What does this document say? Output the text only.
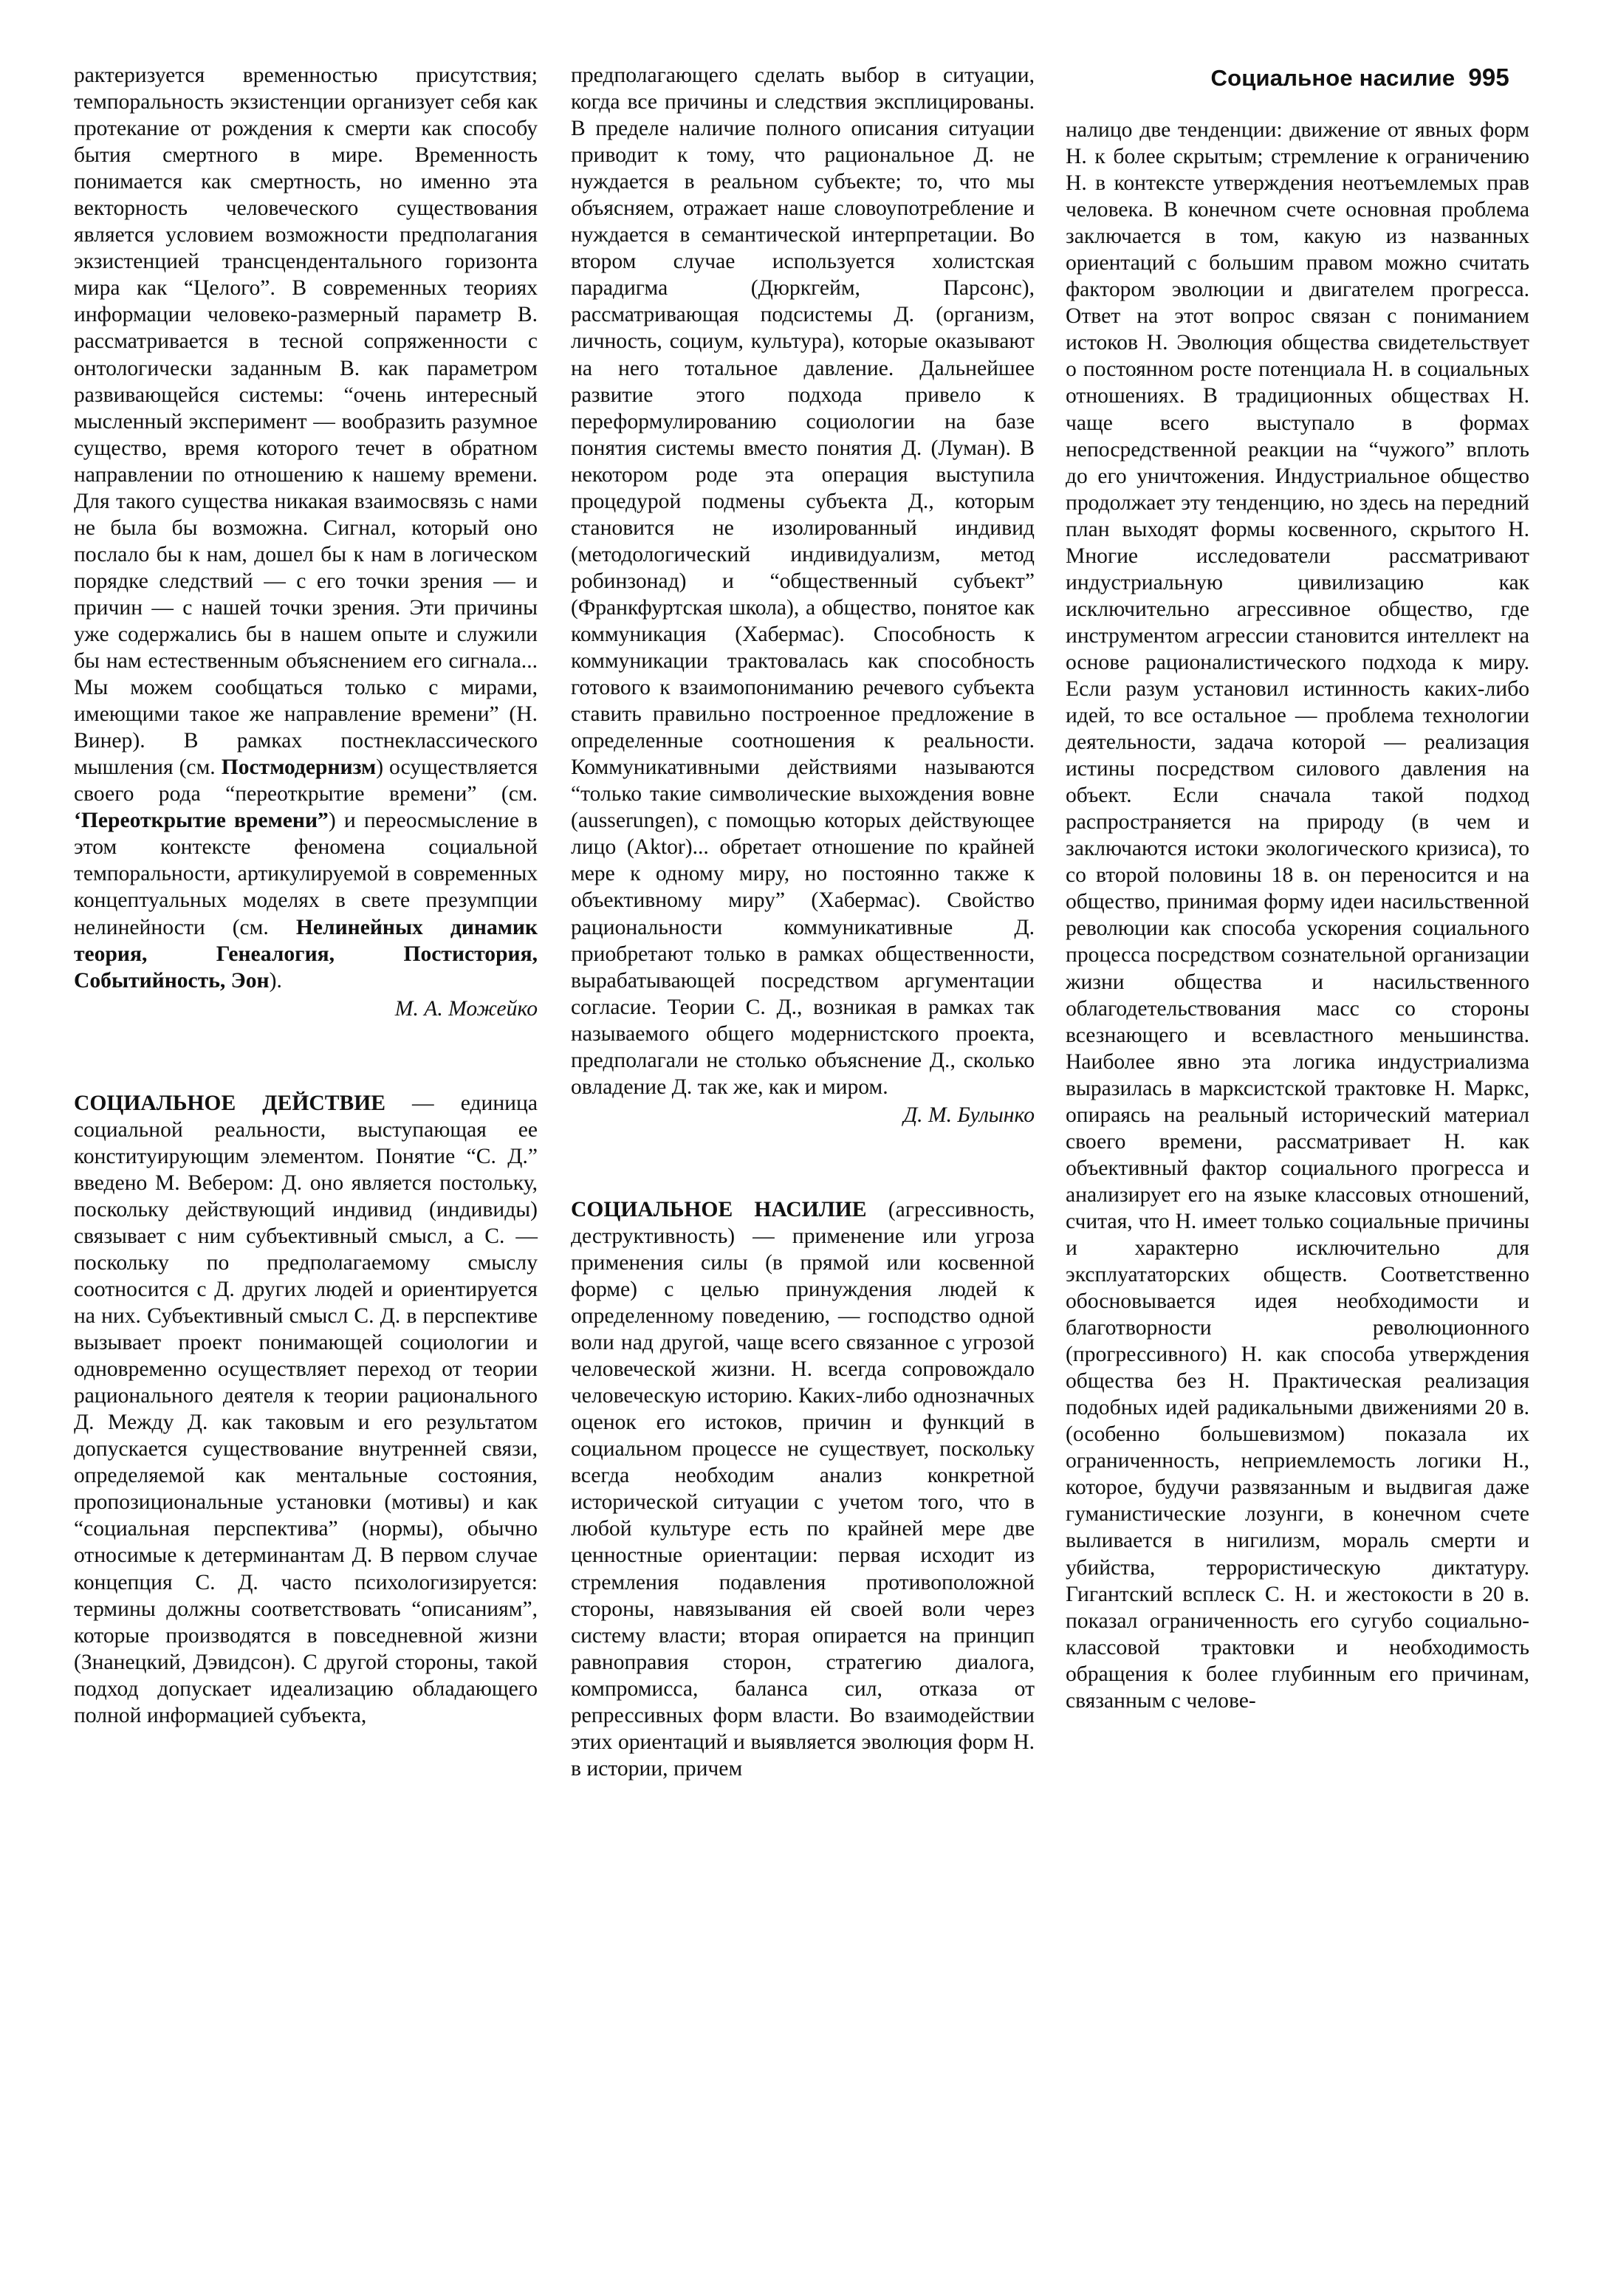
Социальное насилие 995

рактеризуется временностью присутствия; темпоральность экзистенции организует себя как протекание от рождения к смерти как способу бытия смертного в мире. Временность понимается как смертность, но именно эта векторность человеческого существования является условием возможности предполагания экзистенцией трансцендентального горизонта мира как “Целого”. В современных теориях информации человеко-размерный параметр В. рассматривается в тесной сопряженности с онтологически заданным В. как параметром развивающейся системы: “очень интересный мысленный эксперимент — вообразить разумное существо, время которого течет в обратном направлении по отношению к нашему времени. Для такого существа никакая взаимосвязь с нами не была бы возможна. Сигнал, который оно послало бы к нам, дошел бы к нам в логическом порядке следствий — с его точки зрения — и причин — с нашей точки зрения. Эти причины уже содержались бы в нашем опыте и служили бы нам естественным объяснением его сигнала... Мы можем сообщаться только с мирами, имеющими такое же направление времени” (Н. Винер). В рамках постнеклассического мышления (см. Постмодернизм) осуществляется своего рода “переоткрытие времени” (см. ‘Переоткрытие времени”) и переосмысление в этом контексте феномена социальной темпоральности, артикулируемой в современных концептуальных моделях в свете презумпции нелинейности (см. Нелинейных динамик теория, Генеалогия, Постистория, Событийность, Эон).

М. А. Можейко

СОЦИАЛЬНОЕ ДЕЙСТВИЕ — единица социальной реальности, выступающая ее конституирующим элементом. Понятие “С. Д.” введено М. Вебером: Д. оно является постольку, поскольку действующий индивид (индивиды) связывает с ним субъективный смысл, а С. — поскольку по предполагаемому смыслу соотносится с Д. других людей и ориентируется на них. Субъективный смысл С. Д. в перспективе вызывает проект понимающей социологии и одновременно осуществляет переход от теории рационального деятеля к теории рационального Д. Между Д. как таковым и его результатом допускается существование внутренней связи, определяемой как ментальные состояния, пропозициональные установки (мотивы) и как “социальная перспектива” (нормы), обычно относимые к детерминантам Д. В первом случае концепция С. Д. часто психологизируется: термины должны соответствовать “описаниям”, которые производятся в повседневной жизни (Знанецкий, Дэвидсон). С другой стороны, такой подход допускает идеализацию обладающего полной информацией субъекта,

предполагающего сделать выбор в ситуации, когда все причины и следствия эксплицированы. В пределе наличие полного описания ситуации приводит к тому, что рациональное Д. не нуждается в реальном субъекте; то, что мы объясняем, отражает наше словоупотребление и нуждается в семантической интерпретации. Во втором случае используется холистская парадигма (Дюркгейм, Парсонс), рассматривающая подсистемы Д. (организм, личность, социум, культура), которые оказывают на него тотальное давление. Дальнейшее развитие этого подхода привело к переформулированию социологии на базе понятия системы вместо понятия Д. (Луман). В некотором роде эта операция выступила процедурой подмены субъекта Д., которым становится не изолированный индивид (методологический индивидуализм, метод робинзонад) и “общественный субъект” (Франкфуртская школа), а общество, понятое как коммуникация (Хабермас). Способность к коммуникации трактовалась как способность готового к взаимопониманию речевого субъекта ставить правильно построенное предложение в определенные соотношения к реальности. Коммуникативными действиями называются “только такие символические выхождения вовне (ausserungen), с помощью которых действующее лицо (Aktor)... обретает отношение по крайней мере к одному миру, но постоянно также к объективному миру” (Хабермас). Свойство рациональности коммуникативные Д. приобретают только в рамках общественности, вырабатывающей посредством аргументации согласие. Теории С. Д., возникая в рамках так называемого общего модернистского проекта, предполагали не столько объяснение Д., сколько овладение Д. так же, как и миром.

Д. М. Булынко

СОЦИАЛЬНОЕ НАСИЛИЕ (агрессивность, деструктивность) — применение или угроза применения силы (в прямой или косвенной форме) с целью принуждения людей к определенному поведению, — господство одной воли над другой, чаще всего связанное с угрозой человеческой жизни. Н. всегда сопровождало человеческую историю. Каких-либо однозначных оценок его истоков, причин и функций в социальном процессе не существует, поскольку всегда необходим анализ конкретной исторической ситуации с учетом того, что в любой культуре есть по крайней мере две ценностные ориентации: первая исходит из стремления подавления противоположной стороны, навязывания ей своей воли через систему власти; вторая опирается на принцип равноправия сторон, стратегию диалога, компромисса, баланса сил, отказа от репрессивных форм власти. Во взаимодействии этих ориентаций и выявляется эволюция форм Н. в истории, причем

налицо две тенденции: движение от явных форм Н. к более скрытым; стремление к ограничению Н. в контексте утверждения неотъемлемых прав человека. В конечном счете основная проблема заключается в том, какую из названных ориентаций с большим правом можно считать фактором эволюции и двигателем прогресса. Ответ на этот вопрос связан с пониманием истоков Н. Эволюция общества свидетельствует о постоянном росте потенциала Н. в социальных отношениях. В традиционных обществах Н. чаще всего выступало в формах непосредственной реакции на “чужого” вплоть до его уничтожения. Индустриальное общество продолжает эту тенденцию, но здесь на передний план выходят формы косвенного, скрытого Н. Многие исследователи рассматривают индустриальную цивилизацию как исключительно агрессивное общество, где инструментом агрессии становится интеллект на основе рационалистического подхода к миру. Если разум установил истинность каких-либо идей, то все остальное — проблема технологии деятельности, задача которой — реализация истины посредством силового давления на объект. Если сначала такой подход распространяется на природу (в чем и заключаются истоки экологического кризиса), то со второй половины 18 в. он переносится и на общество, принимая форму идеи насильственной революции как способа ускорения социального процесса посредством сознательной организации жизни общества и насильственного облагодетельствования масс со стороны всезнающего и всевластного меньшинства. Наиболее явно эта логика индустриализма выразилась в марксистской трактовке Н. Маркс, опираясь на реальный исторический материал своего времени, рассматривает Н. как объективный фактор социального прогресса и анализирует его на языке классовых отношений, считая, что Н. имеет только социальные причины и характерно исключительно для эксплуататорских обществ. Соответственно обосновывается идея необходимости и благотворности революционного (прогрессивного) Н. как способа утверждения общества без Н. Практическая реализация подобных идей радикальными движениями 20 в. (особенно большевизмом) показала их ограниченность, неприемлемость логики Н., которое, будучи развязанным и выдвигая даже гуманистические лозунги, в конечном счете выливается в нигилизм, мораль смерти и убийства, террористическую диктатуру. Гигантский всплеск С. Н. и жестокости в 20 в. показал ограниченность его сугубо социально-классовой трактовки и необходимость обращения к более глубинным его причинам, связанным с челове-
